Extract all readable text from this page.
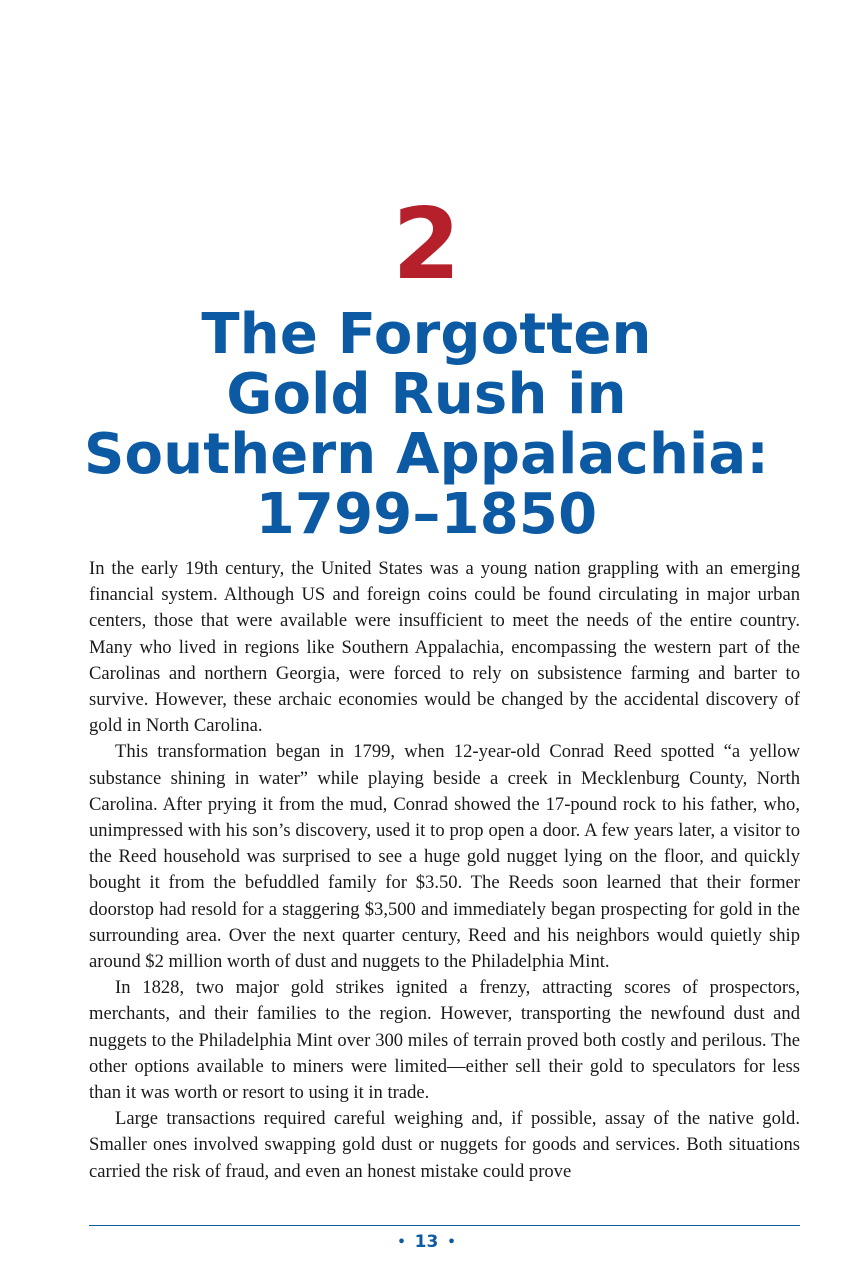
2
The Forgotten
Gold Rush in
Southern Appalachia:
1799–1850

In the early 19th century, the United States was a young nation grappling with an emerging financial system. Although US and foreign coins could be found circulating in major urban centers, those that were available were insufficient to meet the needs of the entire country. Many who lived in regions like Southern Appalachia, encompassing the western part of the Carolinas and northern Georgia, were forced to rely on subsistence farming and barter to survive. However, these archaic economies would be changed by the accidental discovery of gold in North Carolina.

This transformation began in 1799, when 12-year-old Conrad Reed spotted “a yellow substance shining in water” while playing beside a creek in Mecklenburg County, North Carolina. After prying it from the mud, Conrad showed the 17-pound rock to his father, who, unimpressed with his son’s discovery, used it to prop open a door. A few years later, a visitor to the Reed household was surprised to see a huge gold nugget lying on the floor, and quickly bought it from the befuddled family for $3.50. The Reeds soon learned that their former doorstop had resold for a staggering $3,500 and immediately began prospecting for gold in the surrounding area. Over the next quarter century, Reed and his neighbors would quietly ship around $2 million worth of dust and nuggets to the Philadelphia Mint.

In 1828, two major gold strikes ignited a frenzy, attracting scores of prospectors, merchants, and their families to the region. However, transporting the newfound dust and nuggets to the Philadelphia Mint over 300 miles of terrain proved both costly and perilous. The other options available to miners were limited—either sell their gold to speculators for less than it was worth or resort to using it in trade.

Large transactions required careful weighing and, if possible, assay of the native gold. Smaller ones involved swapping gold dust or nuggets for goods and services. Both situations carried the risk of fraud, and even an honest mistake could prove

• 13 •
